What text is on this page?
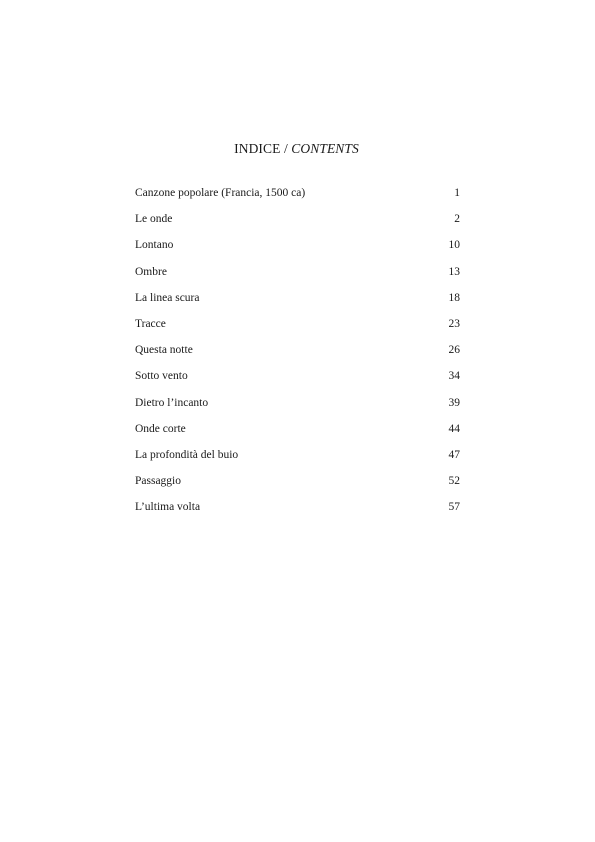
INDICE / CONTENTS
Canzone popolare (Francia, 1500 ca)	1
Le onde	2
Lontano	10
Ombre	13
La linea scura	18
Tracce	23
Questa notte	26
Sotto vento	34
Dietro l’incanto	39
Onde corte	44
La profondità del buio	47
Passaggio	52
L’ultima volta	57
